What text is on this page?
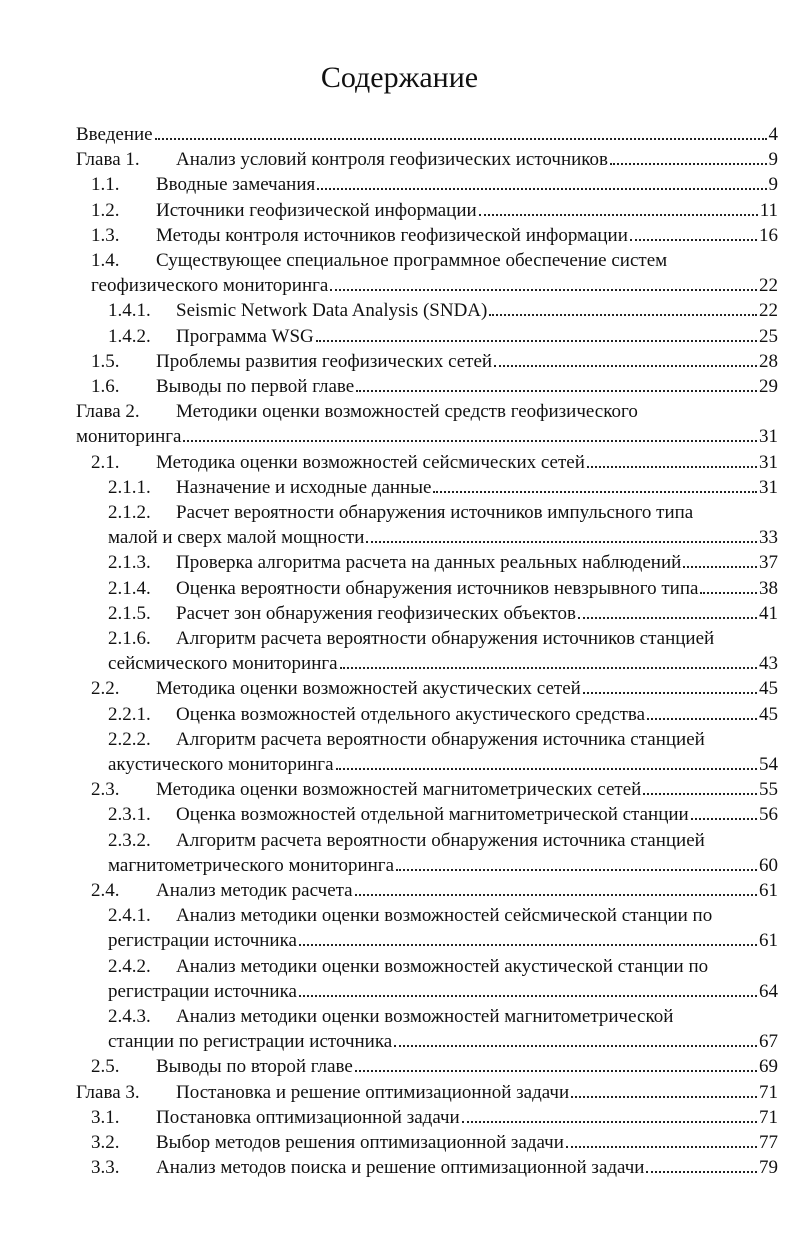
Содержание
Введение	4
Глава 1. Анализ условий контроля геофизических источников	9
1.1. Вводные замечания	9
1.2. Источники геофизической информации	11
1.3. Методы контроля источников геофизической информации	16
1.4. Существующее специальное программное обеспечение систем
геофизического мониторинга	22
1.4.1. Seismic Network Data Analysis (SNDA)	22
1.4.2. Программа WSG	25
1.5. Проблемы развития геофизических сетей	28
1.6. Выводы по первой главе	29
Глава 2. Методики оценки возможностей средств геофизического
мониторинга	31
2.1. Методика оценки возможностей сейсмических сетей	31
2.1.1. Назначение и исходные данные	31
2.1.2. Расчет вероятности обнаружения источников импульсного типа
малой и сверх малой мощности	33
2.1.3. Проверка алгоритма расчета на данных реальных наблюдений	37
2.1.4. Оценка вероятности обнаружения источников невзрывного типа	38
2.1.5. Расчет зон обнаружения геофизических объектов	41
2.1.6. Алгоритм расчета вероятности обнаружения источников станцией
сейсмического мониторинга	43
2.2. Методика оценки возможностей акустических сетей	45
2.2.1. Оценка возможностей отдельного акустического средства	45
2.2.2. Алгоритм расчета вероятности обнаружения источника станцией
акустического мониторинга	54
2.3. Методика оценки возможностей магнитометрических сетей	55
2.3.1. Оценка возможностей отдельной магнитометрической станции	56
2.3.2. Алгоритм расчета вероятности обнаружения источника станцией
магнитометрического мониторинга	60
2.4. Анализ методик расчета	61
2.4.1. Анализ методики оценки возможностей сейсмической станции по
регистрации источника	61
2.4.2. Анализ методики оценки возможностей акустической станции по
регистрации источника	64
2.4.3. Анализ методики оценки возможностей магнитометрической
станции по регистрации источника	67
2.5. Выводы по второй главе	69
Глава 3. Постановка и решение оптимизационной задачи	71
3.1. Постановка оптимизационной задачи	71
3.2. Выбор методов решения оптимизационной задачи	77
3.3. Анализ методов поиска и решение оптимизационной задачи	79
